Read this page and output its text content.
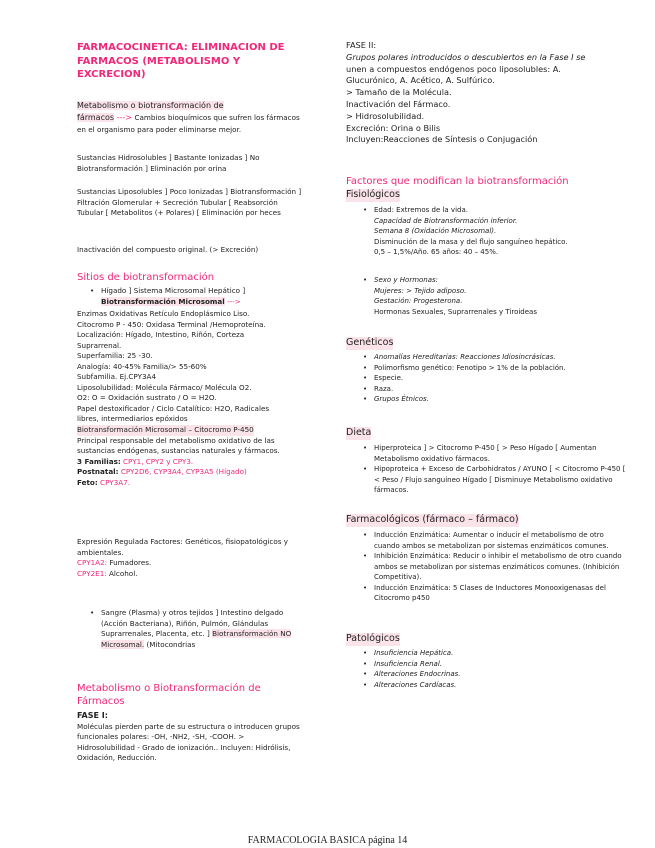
FARMACOCINETICA: ELIMINACION DE FARMACOS (METABOLISMO Y EXCRECION)
Metabolismo o biotransformación de
fármacos ---> Cambios bioquímicos que sufren los fármacos en el organismo para poder eliminarse mejor.
Sustancias Hidrosolubles ] Bastante Ionizadas ] No Biotransformación ] Eliminación por orina
Sustancias Liposolubles ] Poco Ionizadas ] Biotransformación ] Filtración Glomerular + Secreción Tubular [ Reabsorción Tubular [ Metabolitos (+ Polares) [ Eliminación por heces
Inactivación del compuesto original. (> Excreción)
Sitios de biotransformación
• Hígado ] Sistema Microsomal Hepático ]
Biotransformación Microsomal --->
Enzimas Oxidativas Retículo Endoplásmico Liso.
Citocromo P - 450: Oxidasa Terminal /Hemoproteína.
Localización: Hígado, Intestino, Riñón, Corteza
Suprarrenal.
Superfamilia: 25 -30.
Analogía: 40-45% Familia/> 55-60%
Subfamilia. Ej.CPY3A4
Liposolubilidad: Molécula Fármaco/ Molécula O2.
O2: O = Oxidación sustrato / O = H2O.
Papel destoxificador / Ciclo Catalítico: H2O, Radicales
libres, intermediarios epóxidos
Biotransformación Microsomal – Citocromo P-450
Principal responsable del metabolismo oxidativo de las sustancias endógenas, sustancias naturales y fármacos.
3 Familias: CPY1, CPY2 y CPY3.
Postnatal: CPY2D6, CYP3A4, CYP3A5 (Hígado)
Feto: CPY3A7.
Expresión Regulada Factores: Genéticos, fisiopatológicos y ambientales.
CPY1A2: Fumadores.
CPY2E1: Alcohol.
• Sangre (Plasma) y otros tejidos ] Intestino delgado (Acción Bacteriana), Riñón, Pulmón, Glándulas Suprarrenales, Placenta, etc. ] Biotransformación NO Microsomal. (Mitocondrias
Metabolismo o Biotransformación de Fármacos
FASE I:
Moléculas pierden parte de su estructura o introducen grupos funcionales polares: -OH, -NH2, -SH, -COOH. > Hidrosolubilidad - Grado de ionización.. Incluyen: Hidrólisis, Oxidación, Reducción.
FASE II:
Grupos polares introducidos o descubiertos en la Fase I se
unen a compuestos endógenos poco liposolubles: A.
Glucurónico, A. Acético, A. Sulfúrico.
> Tamaño de la Molécula.
Inactivación del Fármaco.
> Hidrosolubilidad.
Excreción: Orina o Bilis
Incluyen:Reacciones de Síntesis o Conjugación
Factores que modifican la biotransformación
Fisiológicos
• Edad: Extremos de la vida.
Capacidad de Biotransformación inferior.
Semana 8 (Oxidación Microsomal).
Disminución de la masa y del flujo sanguíneo hepático.
0,5 – 1,5%/Año. 65 años: 40 – 45%.
• Sexo y Hormonas:
Mujeres: > Tejido adiposo.
Gestación: Progesterona.
Hormonas Sexuales, Suprarrenales y Tiroideas
Genéticos
• Anomalías Hereditarias: Reacciones Idiosincrásicas.
• Polimorfismo genético: Fenotipo > 1% de la población.
• Especie.
• Raza.
• Grupos Étnicos.
Dieta
• Hiperproteica ] > Citocromo P-450 [ > Peso Hígado [ Aumentan Metabolismo oxidativo fármacos.
• Hipoproteica + Exceso de Carbohidratos / AYUNO [ < Citocromo P-450 [ < Peso / Flujo sanguíneo Hígado [ Disminuye Metabolismo oxidativo fármacos.
Farmacológicos (fármaco – fármaco)
• Inducción Enzimática: Aumentar o inducir el metabolismo de otro cuando ambos se metabolizan por sistemas enzimáticos comunes.
• Inhibición Enzimática: Reducir o inhibir el metabolismo de otro cuando ambos se metabolizan por sistemas enzimáticos comunes. (Inhibición Competitiva).
• Inducción Enzimática: 5 Clases de Inductores Monooxigenasas del Citocromo p450
Patológicos
• Insuficiencia Hepática.
• Insuficiencia Renal.
• Alteraciones Endocrinas.
• Alteraciones Cardíacas.
FARMACOLOGIA BASICA página 14
